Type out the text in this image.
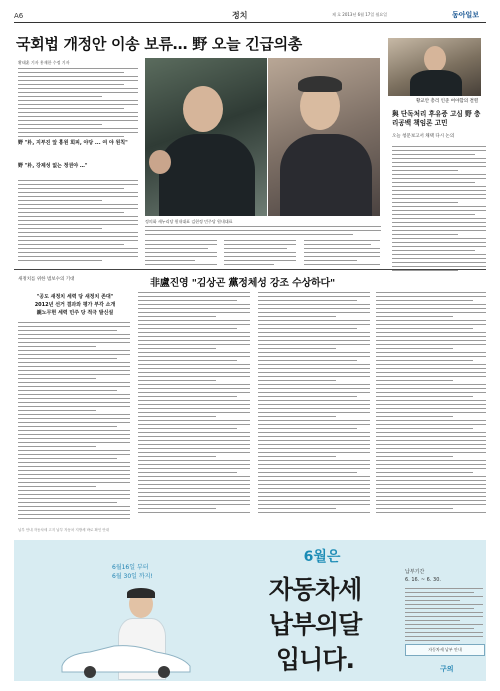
A6	정치	제 호 2013년 6월 17일 월요일	동아일보
국회법 개정안 이송 보류… 野 오늘 긴급의총
황태훈 기자 홍재한 수정 기자
野 "朴, 지부진 앞 홍원 회피, 야당 ... 여 야 원칙"
野 "朴, 강제성 없는 정권야 …"
정의화 새누리당 원내대표 김현정 민주당 원내대표
황교안 총리 인준 여야합의 결렬
與 단독처리 후유증 고심 野 충리공백 책임론 고민
오늘 청문보고서 채택 다시 논의
새정치를 위한 범보수의 기대	非盧진영 "김상곤 黨정체성 강조 수상하다"
"공도 새정치 세력 당 새정치 존대"
2012년 선거 결과와 평가 부각 소개
親노무현 세력 민주 당 적극 발신설
납부 안내 자동차세 고지 납부 자동차 지방세 바로 확인 안내
6월16일 부터
6월 30일 까지!
6월은
자동차세
납부의달
입니다.
납부기간
6. 16. ~ 6. 30.
자동차세 납부 안내
구의
